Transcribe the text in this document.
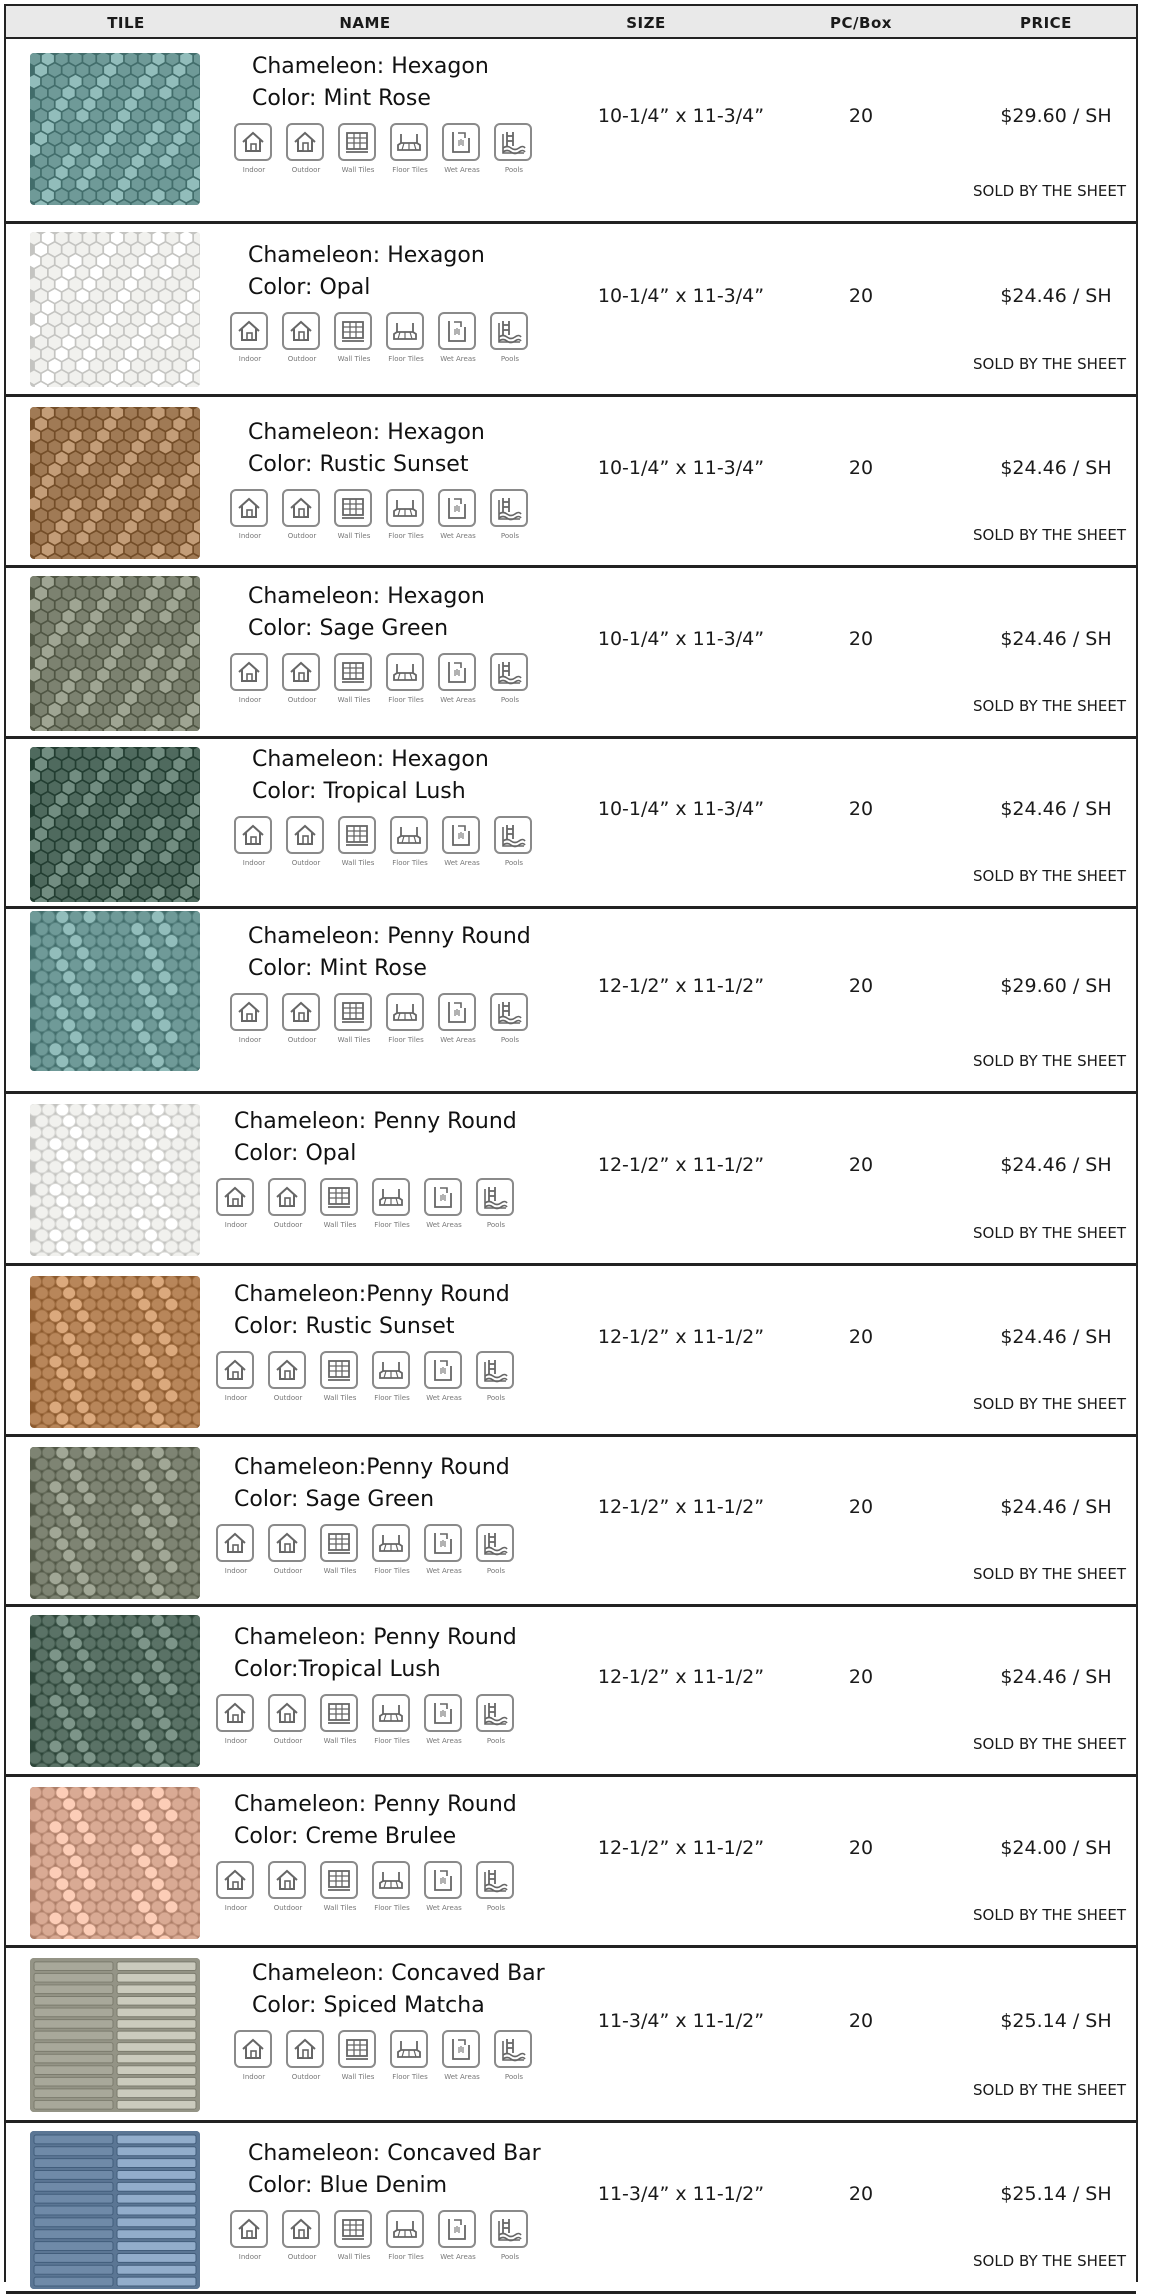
TILE	NAME	SIZE	PC/Box	PRICE
Chameleon: Hexagon
Color: Mint Rose
Indoor	Outdoor	Wall Tiles	Floor Tiles	Wet Areas	Pools
10-1/4” x 11-3/4”	20	$29.60 / SH
SOLD BY THE SHEET
Chameleon: Hexagon
Color: Opal
Indoor	Outdoor	Wall Tiles	Floor Tiles	Wet Areas	Pools
10-1/4” x 11-3/4”	20	$24.46 / SH
SOLD BY THE SHEET
Chameleon: Hexagon
Color: Rustic Sunset
Indoor	Outdoor	Wall Tiles	Floor Tiles	Wet Areas	Pools
10-1/4” x 11-3/4”	20	$24.46 / SH
SOLD BY THE SHEET
Chameleon: Hexagon
Color: Sage Green
Indoor	Outdoor	Wall Tiles	Floor Tiles	Wet Areas	Pools
10-1/4” x 11-3/4”	20	$24.46 / SH
SOLD BY THE SHEET
Chameleon: Hexagon
Color: Tropical Lush
Indoor	Outdoor	Wall Tiles	Floor Tiles	Wet Areas	Pools
10-1/4” x 11-3/4”	20	$24.46 / SH
SOLD BY THE SHEET
Chameleon: Penny Round
Color: Mint Rose
Indoor	Outdoor	Wall Tiles	Floor Tiles	Wet Areas	Pools
12-1/2” x 11-1/2”	20	$29.60 / SH
SOLD BY THE SHEET
Chameleon: Penny Round
Color: Opal
Indoor	Outdoor	Wall Tiles	Floor Tiles	Wet Areas	Pools
12-1/2” x 11-1/2”	20	$24.46 / SH
SOLD BY THE SHEET
Chameleon:Penny Round
Color: Rustic Sunset
Indoor	Outdoor	Wall Tiles	Floor Tiles	Wet Areas	Pools
12-1/2” x 11-1/2”	20	$24.46 / SH
SOLD BY THE SHEET
Chameleon:Penny Round
Color: Sage Green
Indoor	Outdoor	Wall Tiles	Floor Tiles	Wet Areas	Pools
12-1/2” x 11-1/2”	20	$24.46 / SH
SOLD BY THE SHEET
Chameleon: Penny Round
Color:Tropical Lush
Indoor	Outdoor	Wall Tiles	Floor Tiles	Wet Areas	Pools
12-1/2” x 11-1/2”	20	$24.46 / SH
SOLD BY THE SHEET
Chameleon: Penny Round
Color: Creme Brulee
Indoor	Outdoor	Wall Tiles	Floor Tiles	Wet Areas	Pools
12-1/2” x 11-1/2”	20	$24.00 / SH
SOLD BY THE SHEET
Chameleon: Concaved Bar
Color: Spiced Matcha
Indoor	Outdoor	Wall Tiles	Floor Tiles	Wet Areas	Pools
11-3/4” x 11-1/2”	20	$25.14 / SH
SOLD BY THE SHEET
Chameleon: Concaved Bar
Color: Blue Denim
Indoor	Outdoor	Wall Tiles	Floor Tiles	Wet Areas	Pools
11-3/4” x 11-1/2”	20	$25.14 / SH
SOLD BY THE SHEET
